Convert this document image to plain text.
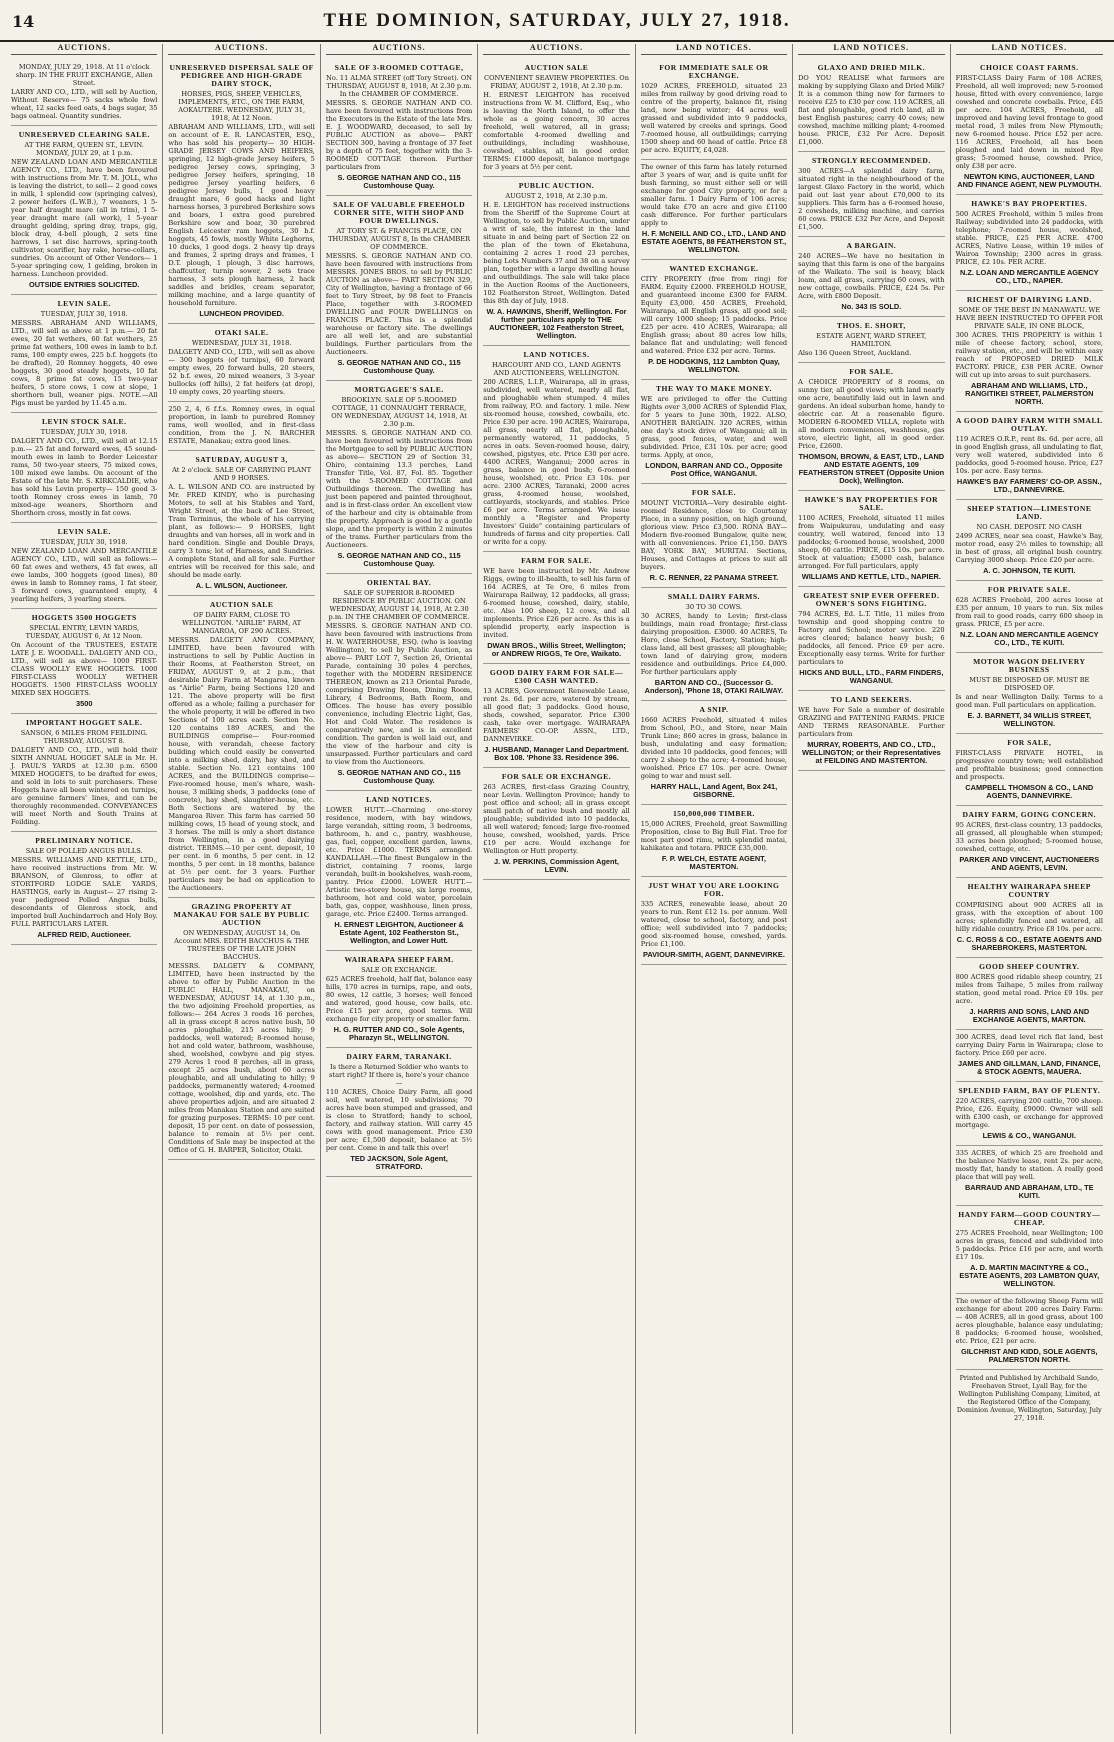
14	THE DOMINION, SATURDAY, JULY 27, 1918.
AUCTIONS.
MONDAY, JULY 29, 1918. At 11 o'clock sharp. IN THE FRUIT EXCHANGE, Allen Street.
LARRY AND CO., LTD., will sell by Auction, Without Reserve— 75 sacks whole fowl wheat, 12 sacks feed oats, 4 bags sugar, 35 bags oatmeal. Quantity sundries.
UNRESERVED CLEARING SALE.
AT THE FARM, QUEEN ST., LEVIN. MONDAY, JULY 29, at 1 p.m.
NEW ZEALAND LOAN AND MERCANTILE AGENCY CO., LTD., have been favoured with instructions from Mr. T. M. JOLL, who is leaving the district, to sell— 2 good cows in milk, 1 splendid cow (springing calves), 2 power heifers (L.W.B.), 7 weaners, 1 5-year half draught mare (all in trim), 1 5-year draught mare (all work), 1 5-year draught gelding, spring dray, traps, gig, block dray, 4-bell plough, 2 sets tine harrows, 1 set disc harrows, spring-tooth cultivator, scarifier, hay rake, horse-collars, sundries. On account of Other Vendors— 1 5-year springing cow, 1 gelding, broken in harness. Luncheon provided.
OUTSIDE ENTRIES SOLICITED.
LEVIN SALE.
TUESDAY, JULY 30, 1918.
MESSRS. ABRAHAM AND WILLIAMS, LTD., will sell as above at 1 p.m.— 20 fat ewes, 20 fat wethers, 60 fat wethers, 25 prime fat wethers, 100 ewes in lamb to b.f. rams, 100 empty ewes, 225 b.f. hoggets (to be drafted), 20 Romney hoggets, 40 ewe hoggets, 30 good steady hoggets, 10 fat cows, 8 prime fat cows, 15 two-year heifers, 5 store cows, 1 cow at slope, 1 shorthorn bull, weaner pigs. NOTE.—All Pigs must be yarded by 11.45 a.m.
LEVIN STOCK SALE.
TUESDAY, JULY 30, 1918.
DALGETY AND CO., LTD., will sell at 12.15 p.m.— 25 fat and forward ewes, 45 sound-mouth ewes in lamb to Border Leicester rams, 50 two-year steers, 75 mixed cows, 100 mixed ewe lambs. On account of the Estate of the late Mr. S. KIRKCALDIE, who has sold his Levin property— 150 good 3-tooth Romney cross ewes in lamb, 70 mixed-age weaners, Shorthorn and Shorthorn cross, mostly in fat cows.
LEVIN SALE.
TUESDAY, JULY 30, 1918.
NEW ZEALAND LOAN AND MERCANTILE AGENCY CO., LTD., will sell as follows:— 60 fat ewes and wethers, 45 fat ewes, all ewe lambs, 300 hoggets (good lines), 80 ewes in lamb to Romney rams, 1 fat steer, 3 forward cows, guaranteed empty, 4 yearling heifers, 3 yearling steers.
HOGGETS 3500 HOGGETS
SPECIAL ENTRY, LEVIN YARDS, TUESDAY, AUGUST 6, At 12 Noon.
On Account of the TRUSTEES, ESTATE LATE J. E. WOODALL. DALGETY AND CO., LTD., will sell as above— 1000 FIRST-CLASS WOOLLY EWE HOGGETS. 1000 FIRST-CLASS WOOLLY WETHER HOGGETS. 1500 FIRST-CLASS WOOLLY MIXED SEX HOGGETS.
3500
IMPORTANT HOGGET SALE.
SANSON, 6 MILES FROM FEILDING. THURSDAY, AUGUST 8.
DALGETY AND CO., LTD., will hold their SIXTH ANNUAL HOGGET SALE in Mr. H. J. PAUL'S YARDS at 12.30 p.m. 6500 MIXED HOGGETS, to be drafted for ewes, and sold in lots to suit purchasers. These Hoggets have all been wintered on turnips, are genuine farmers' lines, and can be thoroughly recommended. CONVEYANCES will meet North and South Trains at Feilding.
PRELIMINARY NOTICE.
SALE OF POLLED ANGUS BULLS.
MESSRS. WILLIAMS AND KETTLE, LTD., have received instructions from Mr. W. BRANSON, of Glenross, to offer at STORTFORD LODGE SALE YARDS, HASTINGS, early in August— 27 rising 2-year pedigreed Polled Angus bulls, descendants of Glenross stock, and imported bull Auchindarroch and Holy Boy. FULL PARTICULARS LATER.
ALFRED REID, Auctioneer.
AUCTIONS.
UNRESERVED DISPERSAL SALE OF PEDIGREE AND HIGH-GRADE DAIRY STOCK,
HORSES, PIGS, SHEEP, VEHICLES, IMPLEMENTS, ETC., ON THE FARM, AOKAUTERE. WEDNESDAY, JULY 31, 1918, At 12 Noon.
ABRAHAM AND WILLIAMS, LTD., will sell on account of E. R. LANCASTER, ESQ., who has sold his property— 30 HIGH-GRADE JERSEY COWS AND HEIFERS, springing, 12 high-grade Jersey heifers, 5 pedigree Jersey cows, springing, 3 pedigree Jersey heifers, springing, 18 pedigree Jersey yearling heifers, 6 pedigree Jersey bulls, 1 good heavy draught mare, 6 good hacks and light harness horses, 3 purebred Berkshire sows and boars, 1 extra good purebred Berkshire sow and boar, 30 purebred English Leicester ram hoggets, 30 b.f. hoggets, 45 fowls, mostly White Leghorns, 10 ducks, 1 good dogs. 2 heavy tip drays and frames, 2 spring drays and frames, 1 D.T. plough, 1 plough, 3 disc harrows, chaffcutter, turnip sower, 2 sets trace harness, 3 sets plough harness, 2 hack saddles and bridles, cream separator, milking machine, and a large quantity of household furniture.
LUNCHEON PROVIDED.
OTAKI SALE.
WEDNESDAY, JULY 31, 1918.
DALGETY AND CO., LTD., will sell as above— 300 hoggets (of turnips), 60 forward empty ewes, 20 forward bulls, 20 steers, 52 b.f. ewes, 20 mixed weaners, 3 3-year bullocks (off hills), 2 fat heifers (at drop), 10 empty cows, 20 yearling steers.
250 2, 4, 6 f.f.s. Romney ewes, in equal proportion, in lamb to purebred Romney rams, well woolled, and in first-class condition, from the J. N. BARCHER ESTATE, Manakau; extra good lines.
SATURDAY, AUGUST 3,
At 2 o'clock. SALE OF CARRYING PLANT AND 9 HORSES.
A. L. WILSON AND CO. are instructed by Mr. FRED KINDY, who is purchasing Motors, to sell at his Stables and Yard, Wright Street, at the back of Lee Street, Tram Terminus, the whole of his carrying plant, as follows:— 9 HORSES, light draughts and van horses, all in work and in hard condition. Single and Double Drays, carry 3 tons; lot of Harness, and Sundries. A complete Stand, and all for sale. Further entries will be received for this sale, and should be made early.
A. L. WILSON, Auctioneer.
AUCTION SALE
OF DAIRY FARM, CLOSE TO WELLINGTON. "AIRLIE" FARM, AT MANGAROA, OF 290 ACRES.
MESSRS. DALGETY AND COMPANY, LIMITED, have been favoured with instructions to sell by Public Auction in their Rooms, at Featherston Street, on FRIDAY, AUGUST 9, at 2 p.m., that desirable Dairy Farm at Mangaroa, known as "Airlie" Farm, being Sections 120 and 121. The above property will be first offered as a whole; failing a purchaser for the whole property, it will be offered in two Sections of 100 acres each. Section No. 120 contains 189 ACRES, and the BUILDINGS comprise— Four-roomed house, with verandah, cheese factory building which could easily be converted into a milking shed, dairy, hay shed, and stable. Section No. 121 contains 100 ACRES, and the BUILDINGS comprise— Five-roomed house, men's whare, wash-house, 3 milking sheds, 3 paddocks (one of concrete), hay shed, slaughter-house, etc. Both Sections are watered by the Mangaroa River. This farm has carried 50 milking cows, 15 head of young stock, and 3 horses. The mill is only a short distance from Wellington, in a good dairying district. TERMS.—10 per cent. deposit, 10 per cent. in 6 months, 5 per cent. in 12 months, 5 per cent. in 18 months, balance at 5½ per cent. for 3 years. Further particulars may be had on application to the Auctioneers.
GRAZING PROPERTY AT MANAKAU FOR SALE BY PUBLIC AUCTION
ON WEDNESDAY, AUGUST 14, On Account MRS. EDITH BACCHUS & THE TRUSTEES OF THE LATE JOHN BACCHUS.
MESSRS. DALGETY & COMPANY, LIMITED, have been instructed by the above to offer by Public Auction in the PUBLIC HALL, MANAKAU, on WEDNESDAY, AUGUST 14, at 1.30 p.m., the two adjoining Freehold properties, as follows:— 264 Acres 3 roods 16 perches, all in grass except 8 acres native bush, 50 acres ploughable, 215 acres hilly; 9 paddocks, well watered; 8-roomed house, hot and cold water, bathroom, washhouse, shed, woolshed, cowbyre and pig styes. 279 Acres 1 rood 8 perches, all in grass, except 25 acres bush, about 60 acres ploughable, and all undulating to hilly; 9 paddocks, permanently watered; 4-roomed cottage, woolshed, dip and yards, etc. The above properties adjoin, and are situated 2 miles from Manakau Station and are suited for grazing purposes. TERMS: 10 per cent. deposit, 15 per cent. on date of possession, balance to remain at 5½ per cent. Conditions of Sale may be inspected at the Office of G. H. BARPER, Solicitor, Otaki.
AUCTIONS.
SALE OF 3-ROOMED COTTAGE,
No. 11 ALMA STREET (off Tory Street). ON THURSDAY, AUGUST 8, 1918, At 2.30 p.m. In the CHAMBER OF COMMERCE.
MESSRS. S. GEORGE NATHAN AND CO. have been favoured with instructions from the Executors in the Estate of the late Mrs. E. J. WOODWARD, deceased, to sell by PUBLIC AUCTION as above— PART SECTION 300, having a frontage of 37 feet by a depth of 75 feet, together with the 3-ROOMED COTTAGE thereon. Further particulars from
S. GEORGE NATHAN AND CO., 115 Customhouse Quay.
SALE OF VALUABLE FREEHOLD CORNER SITE, WITH SHOP AND FOUR DWELLINGS.
AT TORY ST. & FRANCIS PLACE, ON THURSDAY, AUGUST 8, In the CHAMBER OF COMMERCE.
MESSRS. S. GEORGE NATHAN AND CO. have been favoured with instructions from MESSRS. JONES BROS. to sell by PUBLIC AUCTION as above— PART SECTION 329, City of Wellington, having a frontage of 66 feet to Tory Street, by 98 feet to Francis Place, together with 3-ROOMED DWELLING and FOUR DWELLINGS on FRANCIS PLACE. This is a splendid warehouse or factory site. The dwellings are all well let, and are substantial buildings. Further particulars from the Auctioneers.
S. GEORGE NATHAN AND CO., 115 Customhouse Quay.
MORTGAGEE'S SALE.
BROOKLYN. SALE OF 5-ROOMED COTTAGE, 11 CONNAUGHT TERRACE, ON WEDNESDAY, AUGUST 14, 1918, At 2.30 p.m.
MESSRS. S. GEORGE NATHAN AND CO. have been favoured with instructions from the Mortgagee to sell by PUBLIC AUCTION as above— SECTION 29 of Section 31, Ohiro, containing 13.3 perches, Land Transfer Title, Vol. 87, Fol. 85. Together with the 5-ROOMED COTTAGE and Outbuildings thereon. The dwelling has just been papered and painted throughout, and is in first-class order. An excellent view of the harbour and city is obtainable from the property. Approach is good by a gentle slope, and the property is within 2 minutes of the trams. Further particulars from the Auctioneers.
S. GEORGE NATHAN AND CO., 115 Customhouse Quay.
ORIENTAL BAY.
SALE OF SUPERIOR 8-ROOMED RESIDENCE BY PUBLIC AUCTION. ON WEDNESDAY, AUGUST 14, 1918, At 2.30 p.m. IN THE CHAMBER OF COMMERCE.
MESSRS. S. GEORGE NATHAN AND CO. have been favoured with instructions from H. W. WATERHOUSE, ESQ. (who is leaving Wellington), to sell by Public Auction, as above— PART LOT 7, Section 26, Oriental Parade, containing 30 poles 4 perches, together with the MODERN RESIDENCE THEREON, known as 213 Oriental Parade, comprising Drawing Room, Dining Room, Library, 4 Bedrooms, Bath Room, and Offices. The house has every possible convenience, including Electric Light, Gas, Hot and Cold Water. The residence is comparatively new, and is in excellent condition. The garden is well laid out, and the view of the harbour and city is unsurpassed. Further particulars and card to view from the Auctioneers.
S. GEORGE NATHAN AND CO., 115 Customhouse Quay.
LAND NOTICES.
LOWER HUTT.—Charming one-storey residence, modern, with bay windows, large verandah, sitting room, 3 bedrooms, bathroom, h. and c., pantry, washhouse, gas, fuel, copper, excellent garden, lawns, etc. Price £1000. TERMS arranged. KANDALLAH.—The finest Bungalow in the district, containing 7 rooms, large verandah, built-in bookshelves, wash-room, pantry. Price £2000. LOWER HUTT.—Artistic two-storey house, six large rooms, bathroom, hot and cold water, porcelain bath, gas, copper, washhouse, linen press, garage, etc. Price £2400. Terms arranged.
H. ERNEST LEIGHTON, Auctioneer & Estate Agent, 102 Featherston St., Wellington, and Lower Hutt.
WAIRARAPA SHEEP FARM.
SALE OR EXCHANGE.
625 ACRES freehold, half flat, balance easy hills, 170 acres in turnips, rape, and oats, 80 ewes, 12 cattle, 3 horses; well fenced and watered, good house, cow bails, etc. Price £15 per acre, good terms. Will exchange for city property or smaller farm.
H. G. RUTTER AND CO., Sole Agents, Pharazyn St., WELLINGTON.
DAIRY FARM, TARANAKI.
Is there a Returned Soldier who wants to start right? If there is, here's your chance—
110 ACRES, Choice Dairy Farm, all good soil, well watered, 10 subdivisions; 70 acres have been stumped and grassed, and is close to Stratford; handy to school, factory, and railway station. Will carry 45 cows with good management. Price £30 per acre; £1,500 deposit, balance at 5½ per cent. Come in and talk this over!
TED JACKSON, Sole Agent, STRATFORD.
AUCTIONS.
AUCTION SALE
CONVENIENT SEAVIEW PROPERTIES. On FRIDAY, AUGUST 2, 1918, At 2.30 p.m.
H. ERNEST LEIGHTON has received instructions from W. M. Clifford, Esq., who is leaving the North Island, to offer the whole as a going concern, 30 acres freehold, well watered, all in grass; comfortable 4-roomed dwelling and outbuildings, including washhouse, cowshed, stables, all in good order. TERMS: £1000 deposit, balance mortgage for 3 years at 5½ per cent.
PUBLIC AUCTION.
AUGUST 2, 1918, At 2.30 p.m.
H. E. LEIGHTON has received instructions from the Sheriff of the Supreme Court at Wellington, to sell by Public Auction, under a writ of sale, the interest in the land situate in and being part of Section 22 on the plan of the town of Eketahuna, containing 2 acres 1 rood 23 perches, being Lots Numbers 37 and 38 on a survey plan, together with a large dwelling house and outbuildings. The sale will take place in the Auction Rooms of the Auctioneers, 102 Featherston Street, Wellington. Dated this 8th day of July, 1918.
W. A. HAWKINS, Sheriff, Wellington. For further particulars apply to THE AUCTIONEER, 102 Featherston Street, Wellington.
LAND NOTICES.
HARCOURT AND CO., LAND AGENTS AND AUCTIONEERS, WELLINGTON.
200 ACRES, L.I.P., Wairarapa, all in grass, subdivided, well watered, nearly all flat, and ploughable when stumped. 4 miles from railway, P.O. and factory. 1 mile. New six-roomed house, cowshed, cowbails, etc. Price £30 per acre. 190 ACRES, Wairarapa, all grass, nearly all flat, ploughable, permanently watered, 11 paddocks, 5 acres in oats. Seven-roomed house, dairy, cowshed, pigstyes, etc. Price £30 per acre. 4400 ACRES, Wanganui; 2000 acres in grass, balance in good bush; 6-roomed house, woolshed, etc. Price £3 10s. per acre. 2300 ACRES, Taranaki, 2000 acres grass, 4-roomed house, woolshed, cattleyards, stockyards, and stables. Price £6 per acre. Terms arranged. We issue monthly a "Register and Property Investors' Guide" containing particulars of hundreds of farms and city properties. Call or write for a copy.
FARM FOR SALE.
WE have been instructed by Mr. Andrew Riggs, owing to ill-health, to sell his farm of 164 ACRES, at Te Ore, 6 miles from Wairarapa Railway, 12 paddocks, all grass; 6-roomed house, cowshed, dairy, stable, etc. Also 100 sheep, 12 cows, and all implements. Price £26 per acre. As this is a splendid property, early inspection is invited.
DWAN BROS., Willis Street, Wellington; or ANDREW RIGGS, Te Ore, Waikato.
GOOD DAIRY FARM FOR SALE—£300 CASH WANTED.
13 ACRES, Government Renewable Lease, rent 2s. 6d. per acre, watered by stream, all good flat; 3 paddocks. Good house, sheds, cowshed, separator. Price £300 cash, take over mortgage. WAIRARAPA FARMERS' CO-OP. ASSN., LTD., DANNEVIRKE.
J. HUSBAND, Manager Land Department. Box 108. 'Phone 33. Residence 396.
FOR SALE OR EXCHANGE.
263 ACRES, first-class Grazing Country, near Levin. Wellington Province; handy to post office and school; all in grass except small patch of native bush and mostly all ploughable; subdivided into 10 paddocks, all well watered; fenced; large five-roomed house, cowshed, woolshed, yards. Price £19 per acre. Would exchange for Wellington or Hutt property.
J. W. PERKINS, Commission Agent, LEVIN.
LAND NOTICES.
FOR IMMEDIATE SALE OR EXCHANGE.
1029 ACRES, FREEHOLD, situated 23 miles from railway by good driving road to centre of the property, balance fit, rising land, now being winter; 44 acres well grassed and subdivided into 9 paddocks, well watered by creeks and springs. Good 7-roomed house, all outbuildings; carrying 1500 sheep and 60 head of cattle. Price £8 per acre. EQUITY, £4,028.
The owner of this farm has lately returned after 3 years of war, and is quite unfit for bush farming, so must either sell or will exchange for good City property, or for a smaller farm. 1 Dairy Farm of 106 acres; would take £70 an acre and give £1100 cash difference. For further particulars apply to
H. F. McNEILL AND CO., LTD., LAND AND ESTATE AGENTS, 88 FEATHERSTON ST., WELLINGTON.
WANTED EXCHANGE.
CITY PROPERTY (free from ring) for FARM. Equity £2000. FREEHOLD HOUSE, and guaranteed income £300 for FARM. Equity £3,000. 450 ACRES, Freehold, Wairarapa, all English grass, all good soil; will carry 1000 sheep; 15 paddocks. Price £25 per acre. 410 ACRES, Wairarapa; all English grass; about 80 acres low hills, balance flat and undulating; well fenced and watered. Price £32 per acre. Terms.
P. DE HODGKINS, 112 Lambton Quay, WELLINGTON.
THE WAY TO MAKE MONEY.
WE are privileged to offer the Cutting Rights over 3,000 ACRES of Splendid Flax, for 5 years to June 30th, 1922. ALSO, ANOTHER BARGAIN. 320 ACRES, within one day's stock drive of Wanganui; all in grass, good fences, water, and well subdivided. Price, £31 10s. per acre; good terms. Apply, at once,
LONDON, BARRAN AND CO., Opposite Post Office, WANGANUI.
FOR SALE.
MOUNT VICTORIA—Very desirable eight-roomed Residence, close to Courtenay Place, in a sunny position, on high ground, glorious view. Price £3,500. RONA BAY—Modern five-roomed Bungalow, quite new, with all conveniences. Price £1,150. DAYS BAY, YORK BAY, MURITAI. Sections, Houses, and Cottages at prices to suit all buyers.
R. C. RENNER, 22 PANAMA STREET.
SMALL DAIRY FARMS.
30 TO 30 COWS.
30 ACRES, handy to Levin; first-class buildings, main road frontage; first-class dairying proposition. £3000. 40 ACRES, Te Horo, close School, Factory, Station; high-class land, all best grasses; all ploughable; town land of dairying grow, modern residence and outbuildings. Price £4,000. For further particulars apply
BARTON AND CO., (Successor G. Anderson), 'Phone 18, OTAKI RAILWAY.
A SNIP.
1660 ACRES Freehold, situated 4 miles from School, P.O., and Store, near Main Trunk Line; 860 acres in grass, balance in bush, undulating and easy formation; divided into 10 paddocks, good fences; will carry 2 sheep to the acre; 4-roomed house, woolshed. Price £7 10s. per acre. Owner going to war and must sell.
HARRY HALL, Land Agent, Box 241, GISBORNE.
150,000,000 TIMBER.
15,000 ACRES, Freehold, great Sawmilling Proposition, close to Big Bull Flat. Tree for most part good rimu, with splendid matai, kahikatea and totara. PRICE £35,000.
F. P. WELCH, ESTATE AGENT, MASTERTON.
JUST WHAT YOU ARE LOOKING FOR.
335 ACRES, renewable lease, about 20 years to run. Rent £12 1s. per annum. Well watered, close to school, factory, and post office; well subdivided into 7 paddocks; good six-roomed house, cowshed, yards. Price £1,100.
PAVIOUR-SMITH, AGENT, DANNEVIRKE.
LAND NOTICES.
GLAXO AND DRIED MILK.
DO YOU REALISE what farmers are making by supplying Glaxo and Dried Milk? It is a common thing now for farmers to receive £25 to £30 per cow. 119 ACRES, all flat and ploughable, good rich land, all in best English pastures; carry 40 cows; new cowshed, machine milking plant; 4-roomed house. PRICE, £32 Per Acre. Deposit £1,000.
STRONGLY RECOMMENDED.
300 ACRES—A splendid dairy farm, situated right in the neighbourhood of the largest Glaxo Factory in the world, which paid out last year about £70,000 to its suppliers. This farm has a 6-roomed house, 2 cowsheds, milking machine, and carries 60 cows. PRICE £32 Per Acre, and Deposit £1,500.
A BARGAIN.
240 ACRES—We have no hesitation in saying that this farm is one of the bargains of the Waikato. The soil is heavy, black loam, and all grass, carrying 60 cows, with new cottage, cowbails. PRICE, £24 5s. Per Acre, with £800 Deposit.
No. 343 IS SOLD.
THOS. E. SHORT,
ESTATE AGENT, WARD STREET, HAMILTON.
Also 136 Queen Street, Auckland.
FOR SALE.
A CHOICE PROPERTY of 8 rooms, on sunny tier, all good views; with land nearly one acre, beautifully laid out in lawn and gardens. An ideal suburban home, handy to electric car. At a reasonable figure. MODERN 6-ROOMED VILLA, replete with all modern conveniences, washhouse, gas stove, electric light, all in good order. Price, £2600.
THOMSON, BROWN, & EAST, LTD., LAND AND ESTATE AGENTS, 109 FEATHERSTON STREET (Opposite Union Dock), Wellington.
HAWKE'S BAY PROPERTIES FOR SALE.
1100 ACRES, Freehold, situated 11 miles from Waipukurau, undulating and easy country, well watered, fenced into 13 paddocks; 6-roomed house, woolshed, 2000 sheep, 60 cattle. PRICE, £15 10s. per acre. Stock at valuation; £5000 cash, balance arranged. For full particulars, apply
WILLIAMS AND KETTLE, LTD., NAPIER.
GREATEST SNIP EVER OFFERED. OWNER'S SONS FIGHTING.
794 ACRES, Ed. L.T. Title, 11 miles from township and good shopping centre to Factory and School; motor service. 220 acres cleared; balance heavy bush; 6 paddocks, all fenced. Price £9 per acre. Exceptionally easy terms. Write for further particulars to
HICKS AND BULL, LTD., FARM FINDERS, WANGANUI.
TO LAND SEEKERS.
WE have For Sale a number of desirable GRAZING and FATTENING FARMS. PRICE AND TERMS REASONABLE. Further particulars from
MURRAY, ROBERTS, AND CO., LTD., WELLINGTON; or their Representatives at FEILDING AND MASTERTON.
LAND NOTICES.
CHOICE COAST FARMS.
FIRST-CLASS Dairy Farm of 108 ACRES, Freehold, all well improved; new 5-roomed house, fitted with every convenience, large cowshed and concrete cowbails. Price, £45 per acre. 104 ACRES, Freehold, all improved and having level frontage to good metal road, 3 miles from New Plymouth; new 6-roomed house. Price £52 per acre. 116 ACRES, Freehold, all has been ploughed and laid down in mixed Rye grass; 5-roomed house, cowshed. Price, only £38 per acre.
NEWTON KING, AUCTIONEER, LAND AND FINANCE AGENT, NEW PLYMOUTH.
HAWKE'S BAY PROPERTIES.
500 ACRES Freehold, within 5 miles from Railway; subdivided into 24 paddocks, with telephone; 7-roomed house, woolshed, stable. PRICE, £25 PER ACRE. 4700 ACRES, Native Lease, within 19 miles of Wairoa Township; 2300 acres in grass. PRICE, £2 10s. PER ACRE.
N.Z. LOAN AND MERCANTILE AGENCY CO., LTD., NAPIER.
RICHEST OF DAIRYING LAND.
SOME OF THE BEST IN MANAWATU. WE HAVE BEEN INSTRUCTED TO OFFER FOR PRIVATE SALE, IN ONE BLOCK,
300 ACRES. THIS PROPERTY is within 1 mile of cheese factory, school, store, railway station, etc., and will be within easy reach of PROPOSED DRIED MILK FACTORY. PRICE, £38 PER ACRE. Owner will cut up into areas to suit purchasers.
ABRAHAM AND WILLIAMS, LTD., RANGITIKEI STREET, PALMERSTON NORTH.
A GOOD DAIRY FARM WITH SMALL OUTLAY.
119 ACRES O.R.P., rent 8s. 6d. per acre, all in good English grass, all undulating to flat, very well watered, subdivided into 6 paddocks, good 5-roomed house. Price, £27 10s. per acre. Easy terms.
HAWKE'S BAY FARMERS' CO-OP. ASSN., LTD., DANNEVIRKE.
SHEEP STATION—LIMESTONE LAND.
NO CASH. DEPOSIT. NO CASH
2499 ACRES, near sea coast, Hawke's Bay, motor road, easy 2½ miles to township; all in best of grass, all original bush country. Carrying 3000 sheep. Price £20 per acre.
A. C. JOHNSON, TE KUITI.
FOR PRIVATE SALE.
628 ACRES Freehold, 200 acres loose at £35 per annum, 10 years to run. Six miles from rail to good roads, carry 600 sheep in grass. PRICE, £5 per acre.
N.Z. LOAN AND MERCANTILE AGENCY CO., LTD., TE KUITI.
MOTOR WAGON DELIVERY BUSINESS
MUST BE DISPOSED OF. MUST BE DISPOSED OF.
Is and near Wellington Daily. Terms to a good man. Full particulars on application.
E. J. BARNETT, 34 WILLIS STREET, WELLINGTON.
FOR SALE,
FIRST-CLASS PRIVATE HOTEL, in progressive country town; well established and profitable business; good connection and prospects.
CAMPBELL THOMSON & CO., LAND AGENTS, DANNEVIRKE.
DAIRY FARM, GOING CONCERN.
95 ACRES, first-class country, 13 paddocks, all grassed, all ploughable when stumped; 33 acres been ploughed; 5-roomed house, cowshed, cottage, etc.
PARKER AND VINCENT, AUCTIONEERS AND AGENTS, LEVIN.
HEALTHY WAIRARAPA SHEEP COUNTRY
COMPRISING about 900 ACRES all in grass, with the exception of about 100 acres; splendidly fenced and watered, all hilly ridable country. Price £8 10s. per acre.
C. C. ROSS & CO., ESTATE AGENTS AND SHAREBROKERS, MASTERTON.
GOOD SHEEP COUNTRY.
800 ACRES good ridable sheep country, 21 miles from Taihape, 5 miles from railway station, good metal road. Price £9 10s. per acre.
J. HARRIS AND SONS, LAND AND EXCHANGE AGENTS, MARTON.
300 ACRES, dead level rich flat land, best carrying Dairy Farm in Wairarapa; close to factory. Price £60 per acre.
JAMES AND GILLMAN, LAND, FINANCE, & STOCK AGENTS, MAUERA.
SPLENDID FARM, BAY OF PLENTY.
220 ACRES, carrying 200 cattle, 700 sheep. Price, £26. Equity, £9000. Owner will sell with £300 cash, or exchange for approved mortgage.
LEWIS & CO., WANGANUI.
335 ACRES, of which 25 are freehold and the balance Native lease, rent 2s. per acre, mostly flat, handy to station. A really good place that will pay well.
BARRAUD AND ABRAHAM, LTD., TE KUITI.
HANDY FARM—GOOD COUNTRY—CHEAP.
275 ACRES Freehold, near Wellington; 100 acres in grass, fenced and subdivided into 5 paddocks. Price £16 per acre, and worth £17 10s.
A. D. MARTIN MACINTYRE & CO., ESTATE AGENTS, 203 LAMBTON QUAY, WELLINGTON.
The owner of the following Sheep Farm will exchange for about 200 acres Dairy Farm:— 408 ACRES, all in good grass, about 100 acres ploughable, balance easy undulating; 8 paddocks; 6-roomed house, woolshed, etc. Price, £21 per acre.
GILCHRIST AND KIDD, SOLE AGENTS, PALMERSTON NORTH.
Printed and Published by Archibald Sando, Freehaven Street, Lyall Bay, for the Wellington Publishing Company, Limited, at the Registered Office of the Company, Dominion Avenue, Wellington, Saturday, July 27, 1918.
